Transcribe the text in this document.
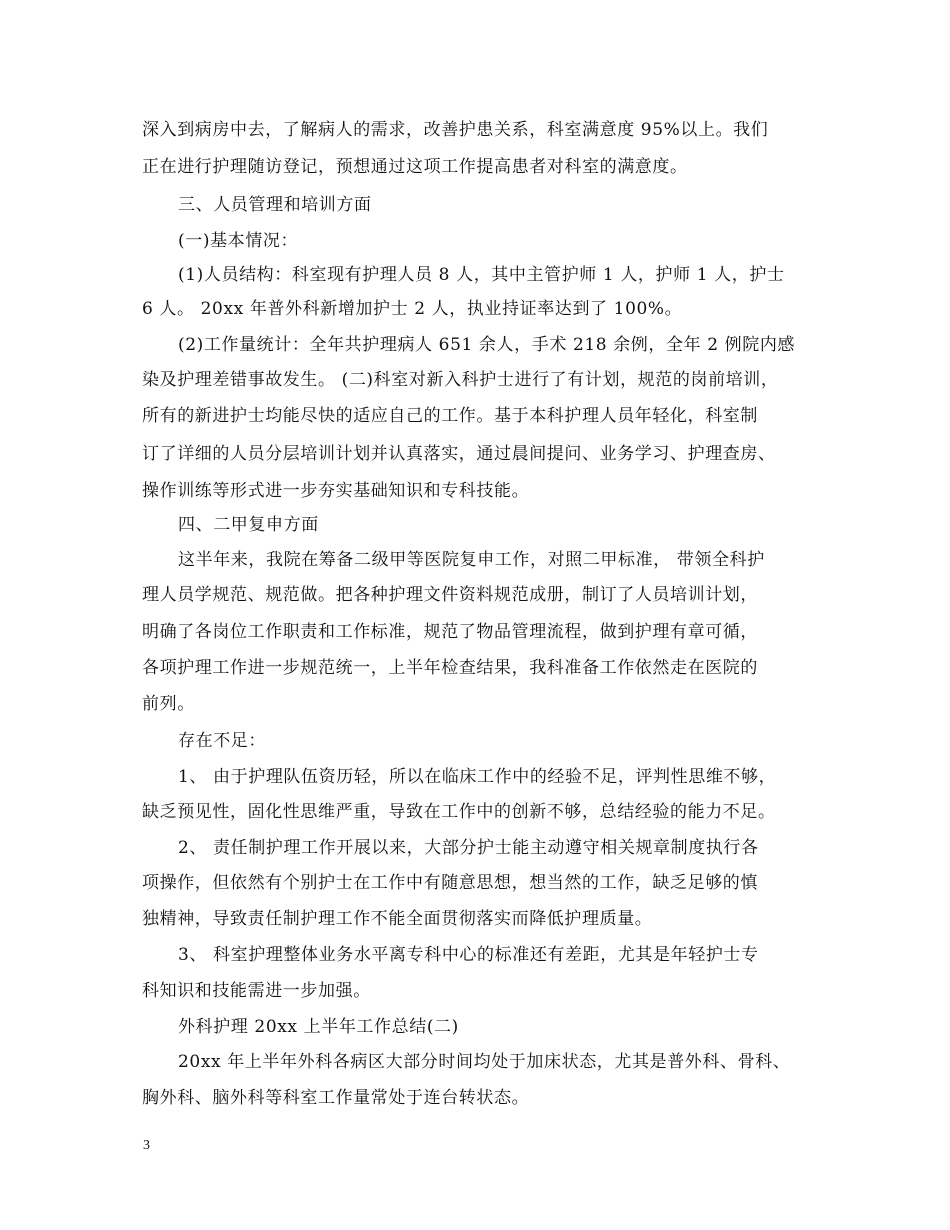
深入到病房中去，了解病人的需求，改善护患关系，科室满意度 95%以上。我们
正在进行护理随访登记，预想通过这项工作提高患者对科室的满意度。
三、人员管理和培训方面
(一)基本情况：
(1)人员结构：科室现有护理人员 8 人，其中主管护师 1 人，护师 1 人，护士
6 人。 20xx 年普外科新增加护士 2 人，执业持证率达到了 100%。
(2)工作量统计：全年共护理病人 651 余人，手术 218 余例，全年 2 例院内感
染及护理差错事故发生。 (二)科室对新入科护士进行了有计划，规范的岗前培训，
所有的新进护士均能尽快的适应自己的工作。基于本科护理人员年轻化，科室制
订了详细的人员分层培训计划并认真落实，通过晨间提问、业务学习、护理查房、
操作训练等形式进一步夯实基础知识和专科技能。
四、二甲复申方面
这半年来，我院在筹备二级甲等医院复申工作，对照二甲标准， 带领全科护
理人员学规范、规范做。把各种护理文件资料规范成册，制订了人员培训计划，
明确了各岗位工作职责和工作标准，规范了物品管理流程，做到护理有章可循，
各项护理工作进一步规范统一，上半年检查结果，我科准备工作依然走在医院的
前列。
存在不足：
1、 由于护理队伍资历轻，所以在临床工作中的经验不足，评判性思维不够，
缺乏预见性，固化性思维严重，导致在工作中的创新不够，总结经验的能力不足。
2、 责任制护理工作开展以来，大部分护士能主动遵守相关规章制度执行各
项操作，但依然有个别护士在工作中有随意思想，想当然的工作，缺乏足够的慎
独精神，导致责任制护理工作不能全面贯彻落实而降低护理质量。
3、 科室护理整体业务水平离专科中心的标准还有差距，尤其是年轻护士专
科知识和技能需进一步加强。
外科护理 20xx 上半年工作总结(二)
20xx 年上半年外科各病区大部分时间均处于加床状态，尤其是普外科、骨科、
胸外科、脑外科等科室工作量常处于连台转状态。
3
